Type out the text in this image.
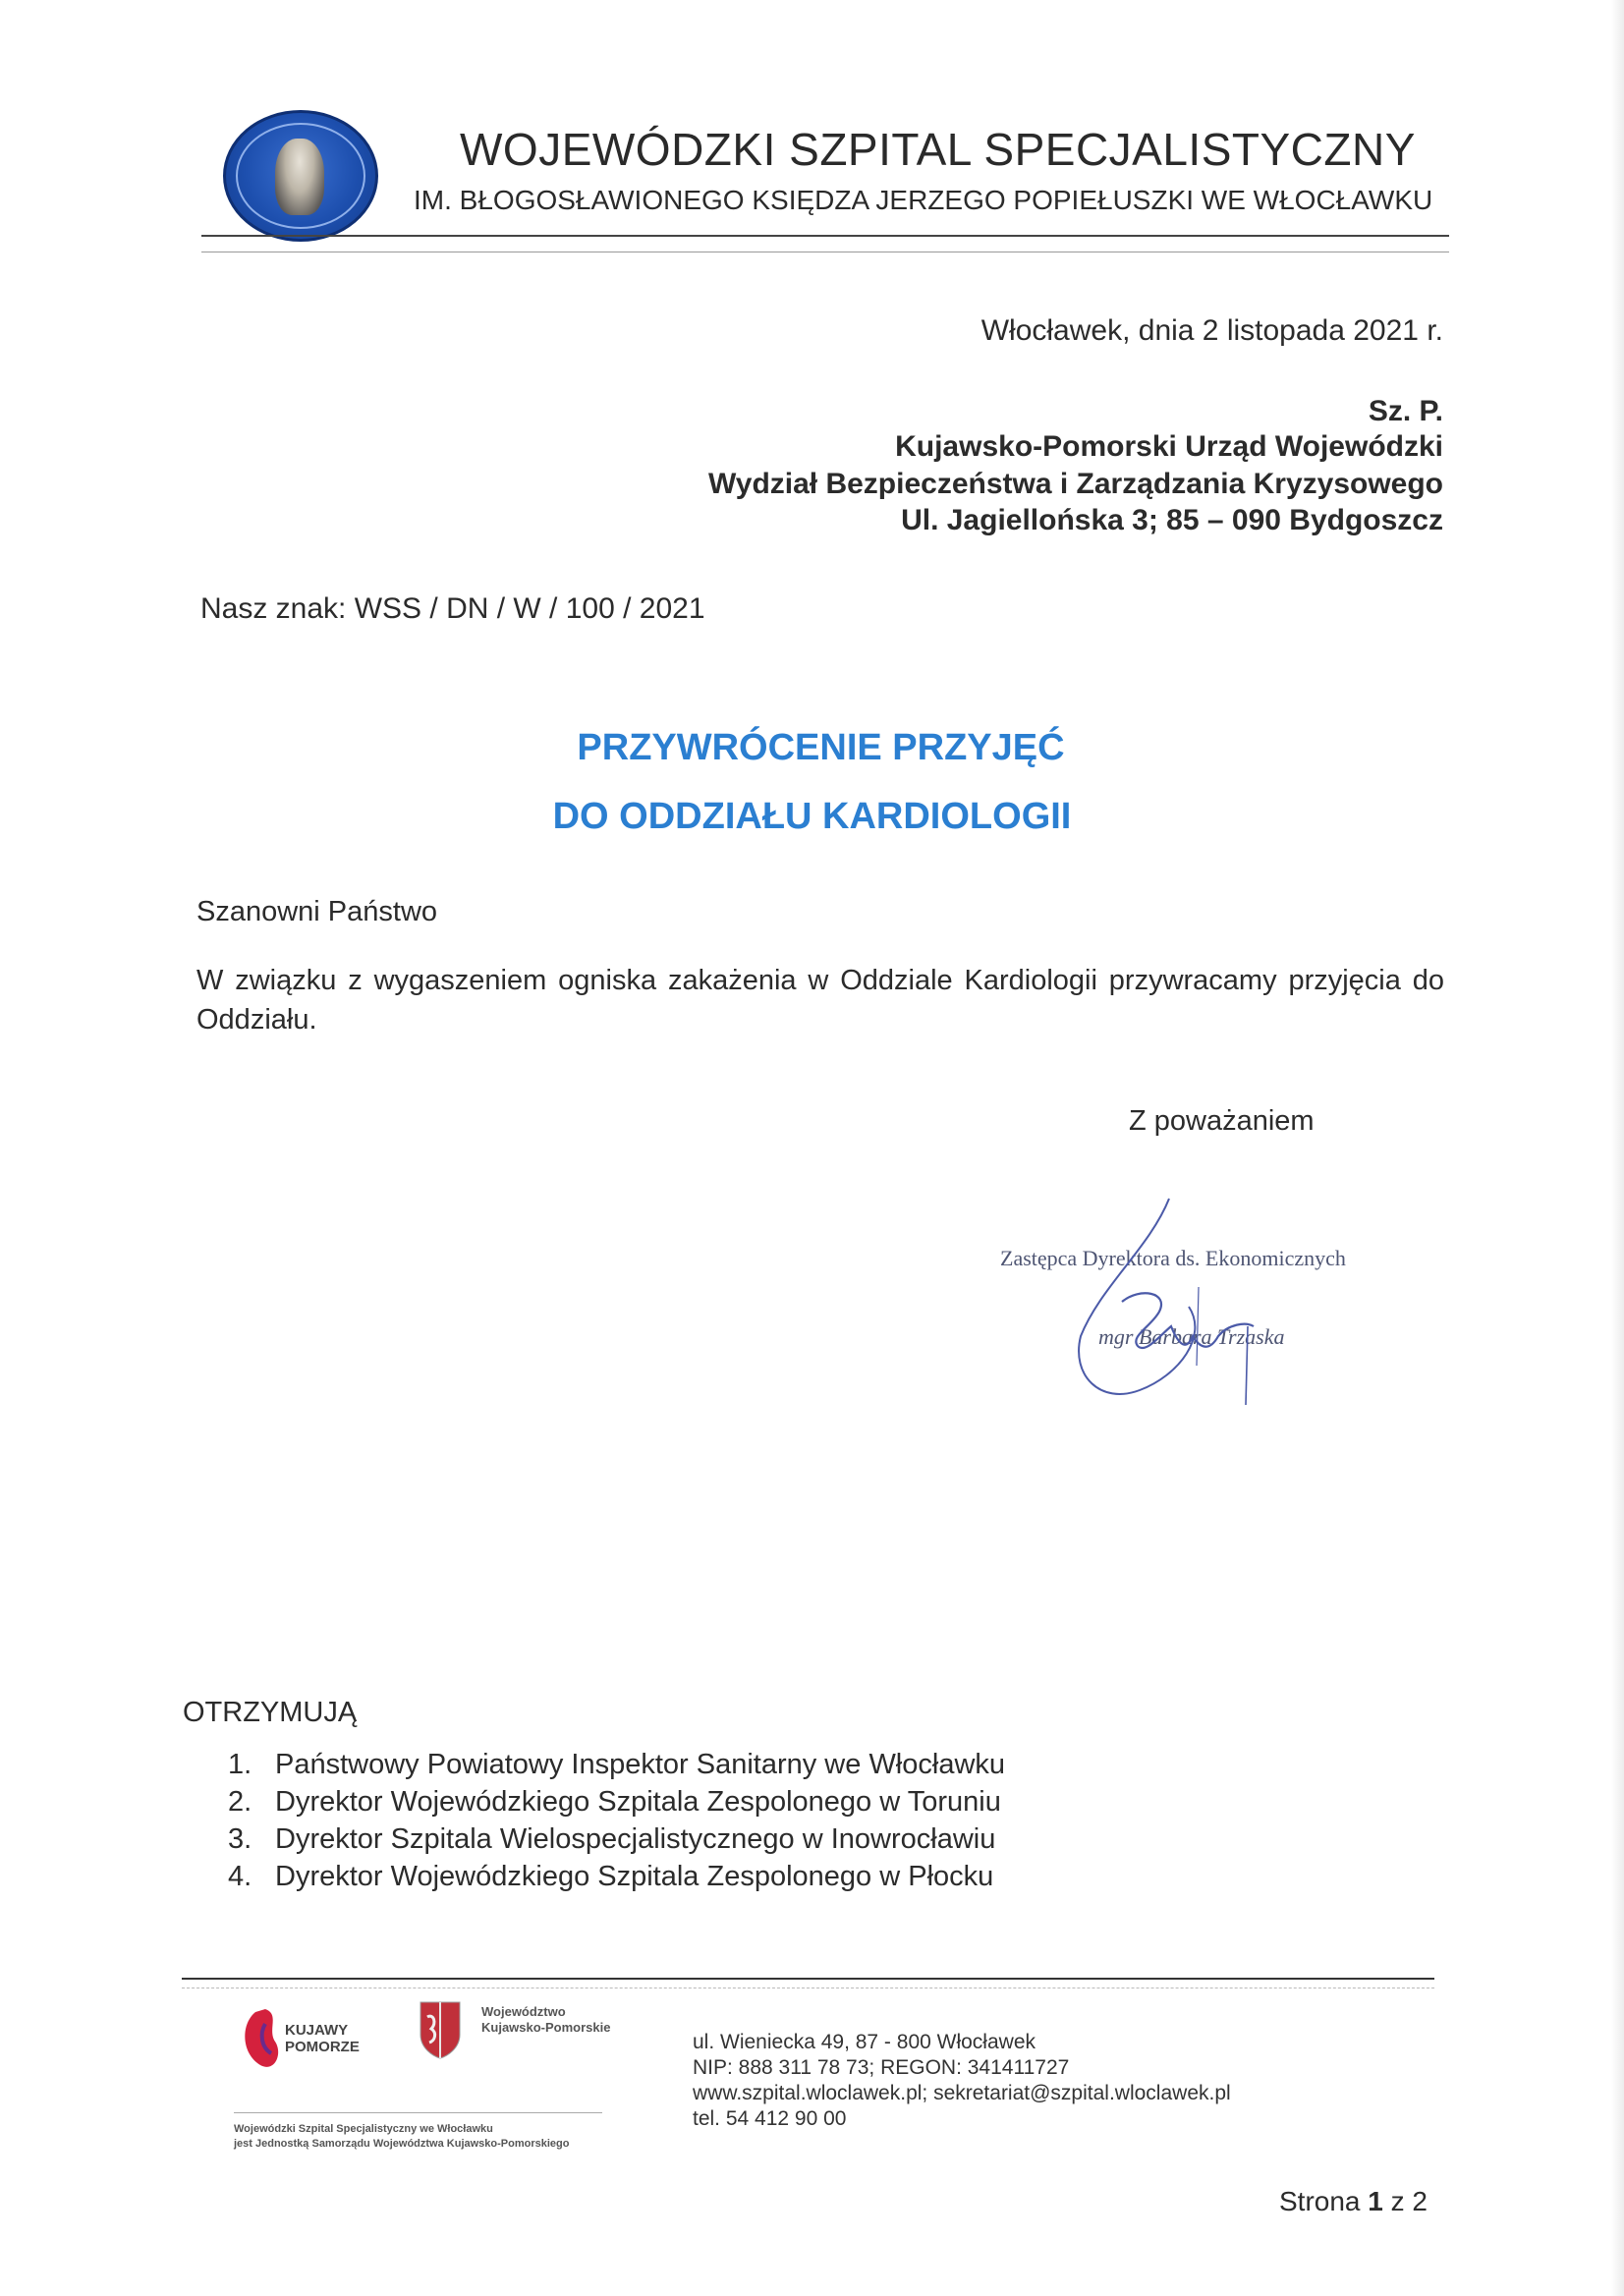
WOJEWÓDZKI SZPITAL SPECJALISTYCZNY
IM. BŁOGOSŁAWIONEGO KSIĘDZA JERZEGO POPIEŁUSZKI WE WŁOCŁAWKU
Włocławek, dnia 2 listopada 2021 r.
Sz. P.
Kujawsko-Pomorski Urząd Wojewódzki
Wydział Bezpieczeństwa i Zarządzania Kryzysowego
Ul. Jagiellońska 3; 85 – 090 Bydgoszcz
Nasz znak: WSS / DN / W / 100 / 2021
PRZYWRÓCENIE PRZYJĘĆ
DO ODDZIAŁU KARDIOLOGII
Szanowni Państwo
W związku z wygaszeniem ogniska zakażenia w Oddziale Kardiologii przywracamy przyjęcia do Oddziału.
Z poważaniem
Zastępca Dyrektora ds. Ekonomicznych
mgr Barbara Trzaska
OTRZYMUJĄ
1. Państwowy Powiatowy Inspektor Sanitarny we Włocławku
2. Dyrektor Wojewódzkiego Szpitala Zespolonego w Toruniu
3. Dyrektor Szpitala Wielospecjalistycznego w Inowrocławiu
4. Dyrektor Wojewódzkiego Szpitala Zespolonego w Płocku
KUJAWY
POMORZE
Województwo
Kujawsko-Pomorskie
Wojewódzki Szpital Specjalistyczny we Włocławku
jest Jednostką Samorządu Województwa Kujawsko-Pomorskiego
ul. Wieniecka 49, 87 - 800 Włocławek
NIP: 888 311 78 73; REGON: 341411727
www.szpital.wloclawek.pl; sekretariat@szpital.wloclawek.pl
tel. 54 412 90 00
Strona 1 z 2
